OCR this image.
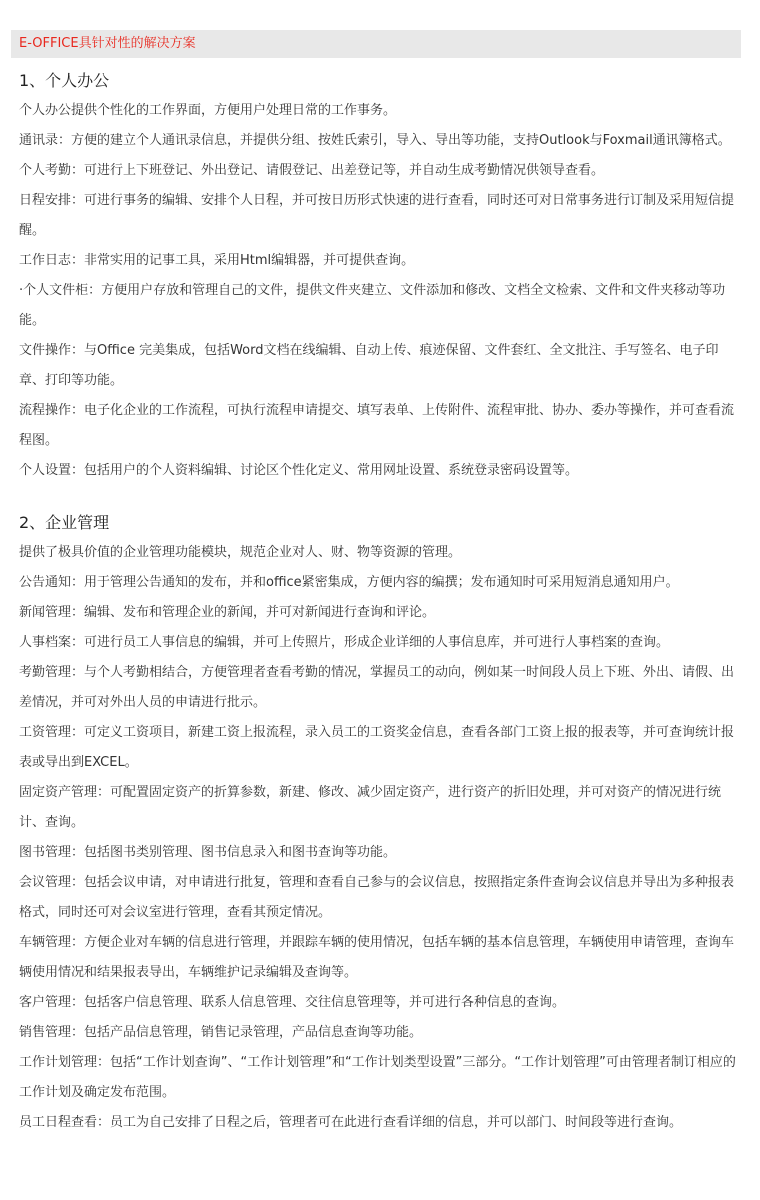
E-OFFICE具针对性的解决方案
1、个人办公

个人办公提供个性化的工作界面，方便用户处理日常的工作事务。

通讯录：方便的建立个人通讯录信息，并提供分组、按姓氏索引，导入、导出等功能，支持Outlook与Foxmail通讯簿格式。

个人考勤：可进行上下班登记、外出登记、请假登记、出差登记等，并自动生成考勤情况供领导查看。

日程安排：可进行事务的编辑、安排个人日程，并可按日历形式快速的进行查看，同时还可对日常事务进行订制及采用短信提醒。

工作日志：非常实用的记事工具，采用Html编辑器，并可提供查询。

·个人文件柜：方便用户存放和管理自己的文件，提供文件夹建立、文件添加和修改、文档全文检索、文件和文件夹移动等功能。

文件操作：与Office 完美集成，包括Word文档在线编辑、自动上传、痕迹保留、文件套红、全文批注、手写签名、电子印章、打印等功能。

流程操作：电子化企业的工作流程，可执行流程申请提交、填写表单、上传附件、流程审批、协办、委办等操作，并可查看流程图。

个人设置：包括用户的个人资料编辑、讨论区个性化定义、常用网址设置、系统登录密码设置等。

2、企业管理

提供了极具价值的企业管理功能模块，规范企业对人、财、物等资源的管理。

公告通知：用于管理公告通知的发布，并和office紧密集成，方便内容的编撰；发布通知时可采用短消息通知用户。

新闻管理：编辑、发布和管理企业的新闻，并可对新闻进行查询和评论。

人事档案：可进行员工人事信息的编辑，并可上传照片，形成企业详细的人事信息库，并可进行人事档案的查询。

考勤管理：与个人考勤相结合，方便管理者查看考勤的情况，掌握员工的动向，例如某一时间段人员上下班、外出、请假、出差情况，并可对外出人员的申请进行批示。

工资管理：可定义工资项目，新建工资上报流程，录入员工的工资奖金信息，查看各部门工资上报的报表等，并可查询统计报表或导出到EXCEL。

固定资产管理：可配置固定资产的折算参数，新建、修改、减少固定资产，进行资产的折旧处理，并可对资产的情况进行统计、查询。

图书管理：包括图书类别管理、图书信息录入和图书查询等功能。

会议管理：包括会议申请，对申请进行批复，管理和查看自己参与的会议信息，按照指定条件查询会议信息并导出为多种报表格式，同时还可对会议室进行管理，查看其预定情况。

车辆管理：方便企业对车辆的信息进行管理，并跟踪车辆的使用情况，包括车辆的基本信息管理，车辆使用申请管理，查询车辆使用情况和结果报表导出，车辆维护记录编辑及查询等。

客户管理：包括客户信息管理、联系人信息管理、交往信息管理等，并可进行各种信息的查询。

销售管理：包括产品信息管理，销售记录管理，产品信息查询等功能。

工作计划管理：包括“工作计划查询”、“工作计划管理”和“工作计划类型设置”三部分。“工作计划管理”可由管理者制订相应的工作计划及确定发布范围。

员工日程查看：员工为自己安排了日程之后，管理者可在此进行查看详细的信息，并可以部门、时间段等进行查询。
